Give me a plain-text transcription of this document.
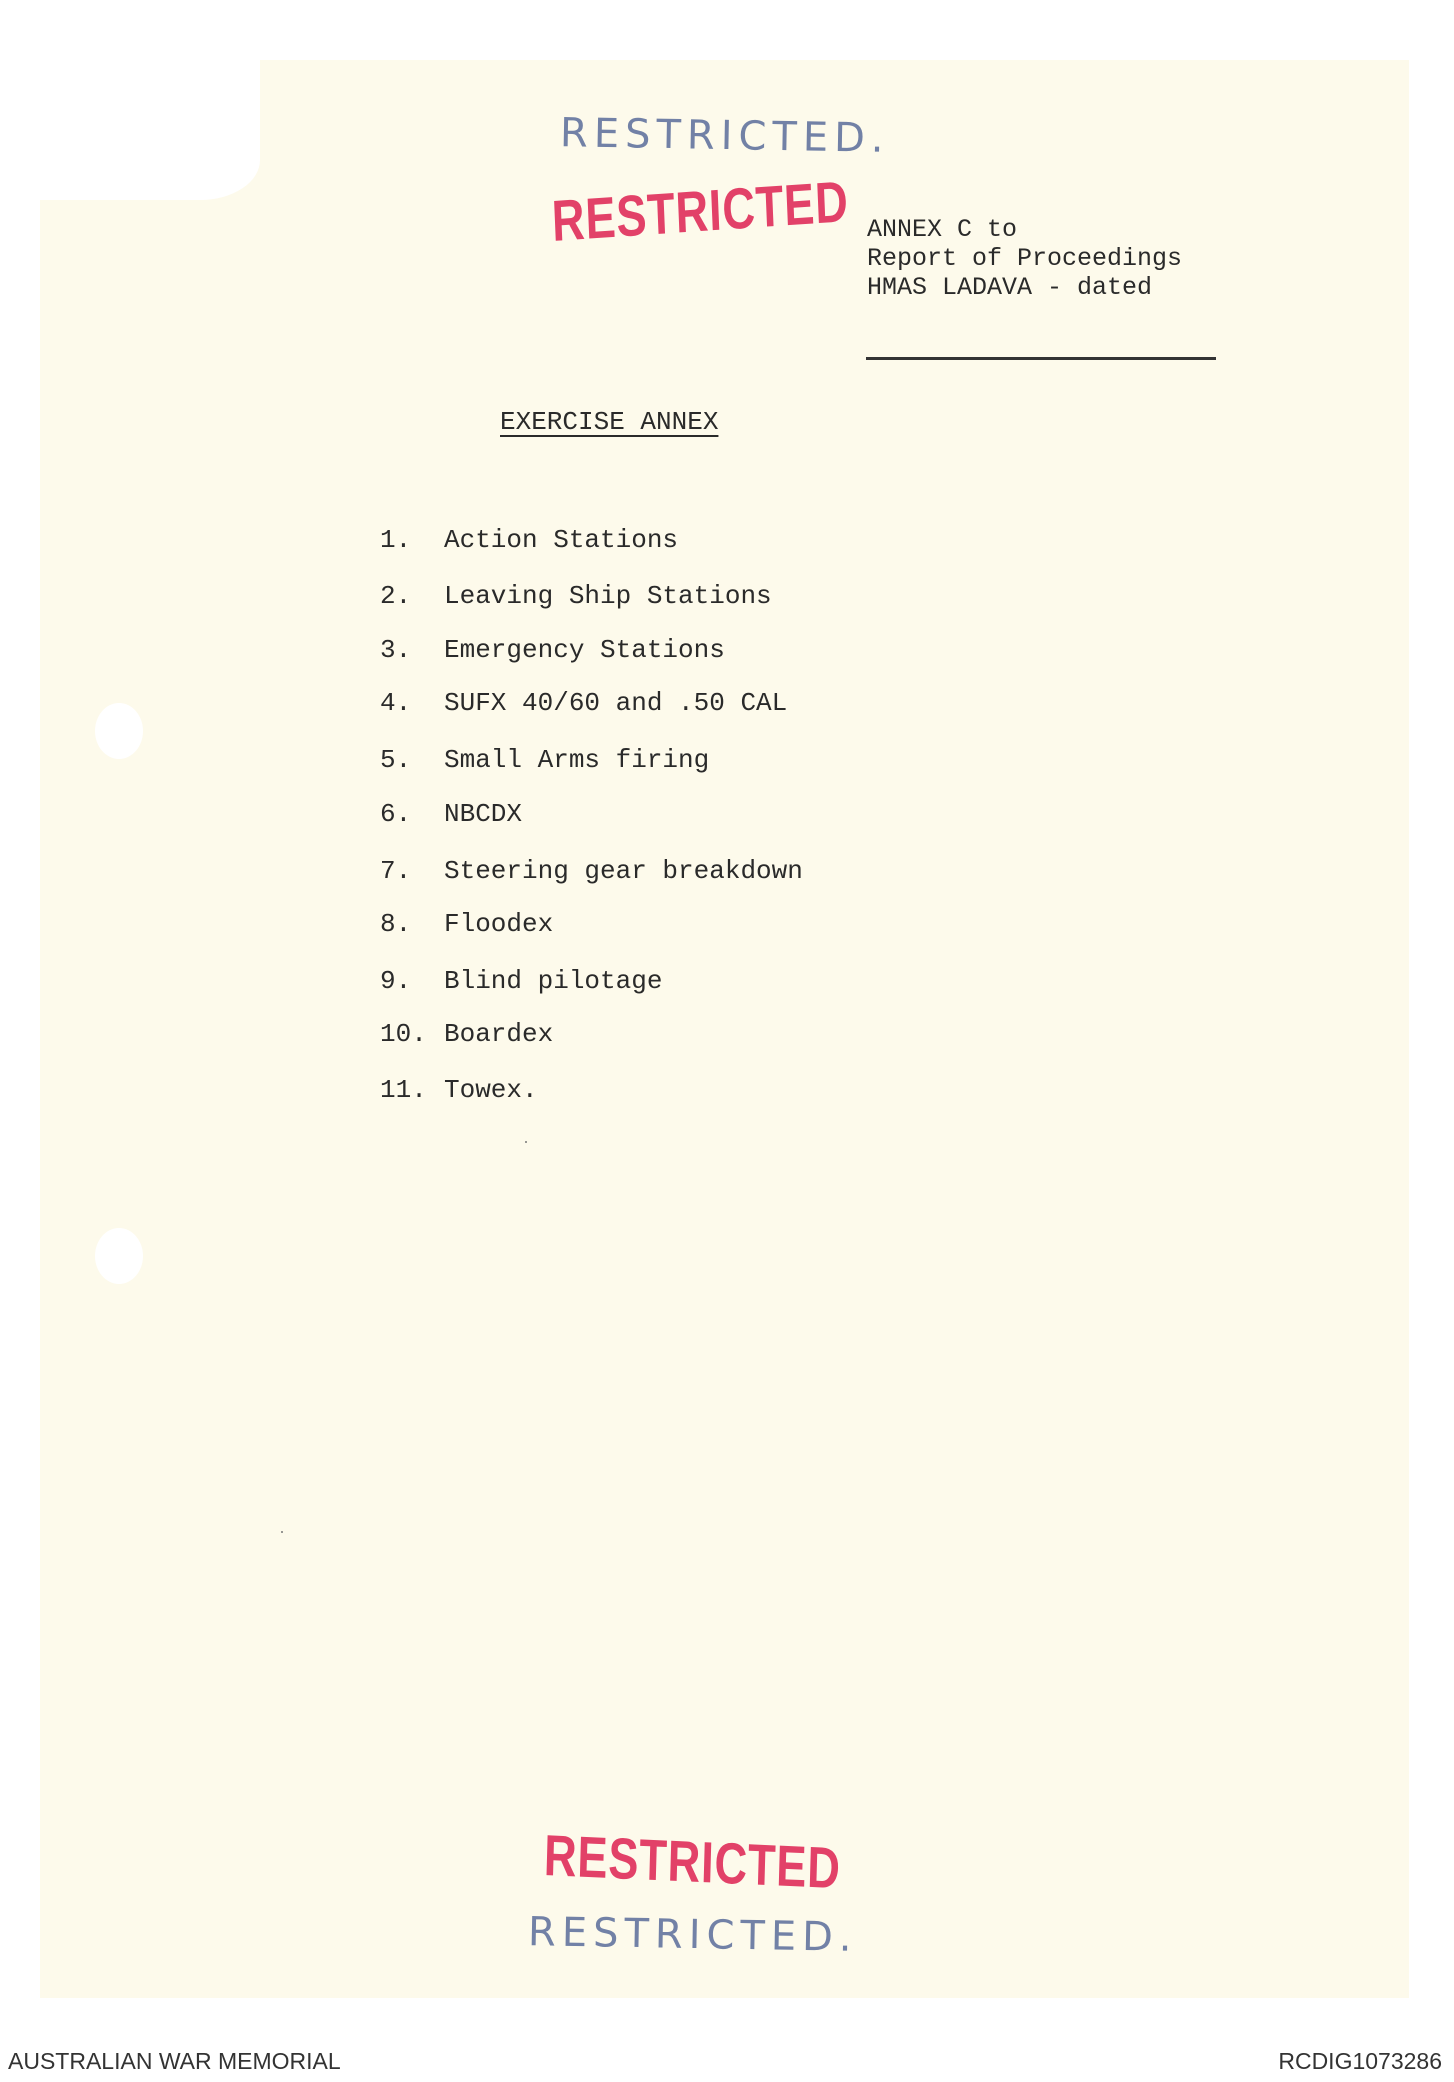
RESTRICTED.
RESTRICTED ANNEX C to
Report of Proceedings
HMAS LADAVA - dated
EXERCISE ANNEX
1. Action Stations
2. Leaving Ship Stations
3. Emergency Stations
4. SUFX 40/60 and .50 CAL
5. Small Arms firing
6. NBCDX
7. Steering gear breakdown
8. Floodex
9. Blind pilotage
10. Boardex
11. Towex.
RESTRICTED
RESTRICTED.
AUSTRALIAN WAR MEMORIAL	RCDIG1073286
